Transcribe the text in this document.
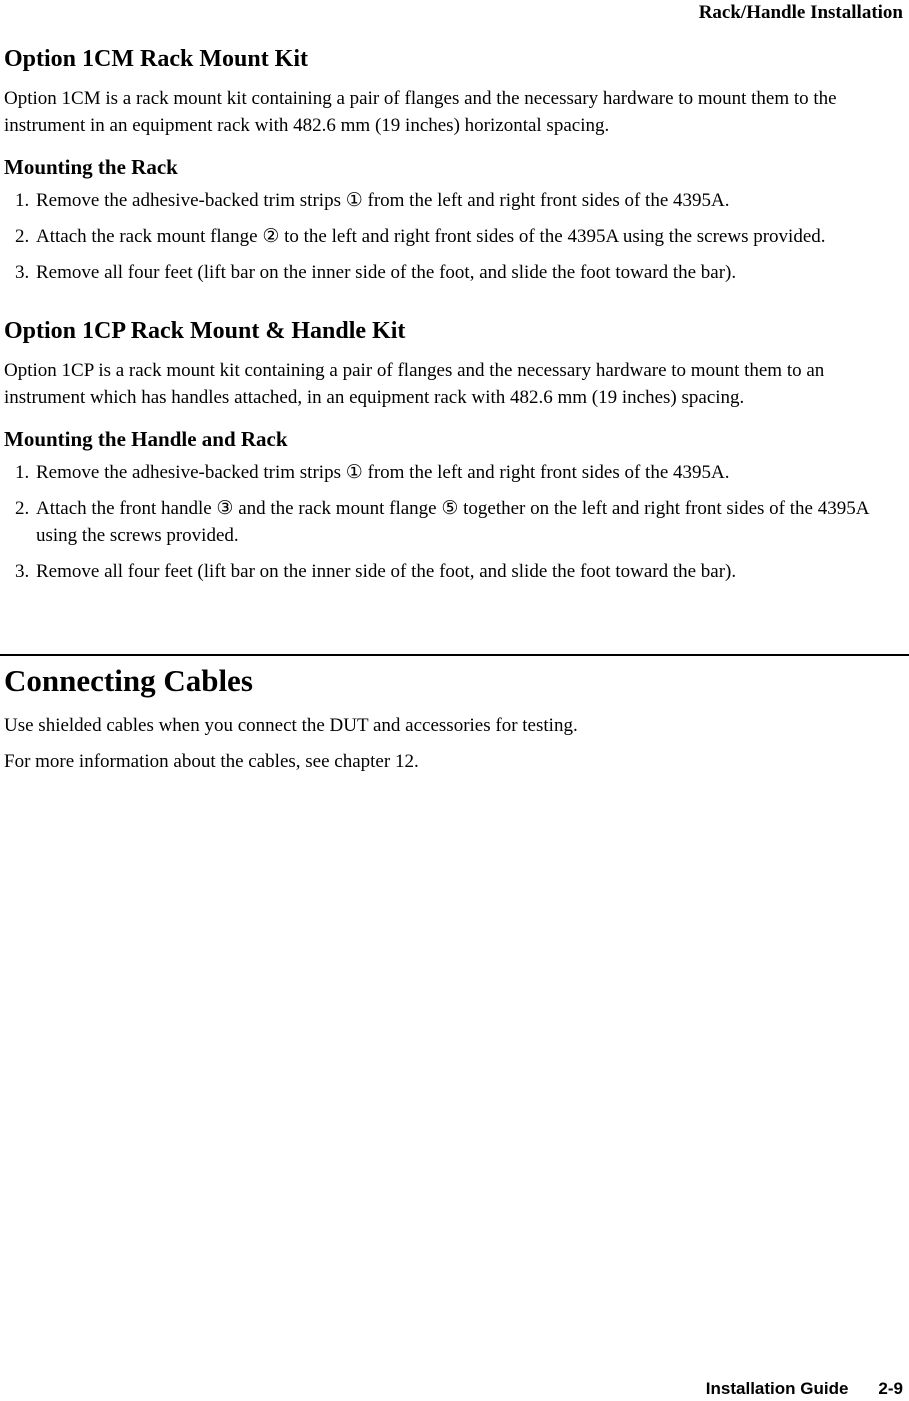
Rack/Handle Installation
Option 1CM Rack Mount Kit

Option 1CM is a rack mount kit containing a pair of flanges and the necessary hardware to mount them to the instrument in an equipment rack with 482.6 mm (19 inches) horizontal spacing.

Mounting the Rack
1. Remove the adhesive-backed trim strips ① from the left and right front sides of the 4395A.
2. Attach the rack mount flange ② to the left and right front sides of the 4395A using the screws provided.
3. Remove all four feet (lift bar on the inner side of the foot, and slide the foot toward the bar).
Option 1CP Rack Mount & Handle Kit

Option 1CP is a rack mount kit containing a pair of flanges and the necessary hardware to mount them to an instrument which has handles attached, in an equipment rack with 482.6 mm (19 inches) spacing.

Mounting the Handle and Rack
1. Remove the adhesive-backed trim strips ① from the left and right front sides of the 4395A.
2. Attach the front handle ③ and the rack mount flange ⑤ together on the left and right front sides of the 4395A using the screws provided.
3. Remove all four feet (lift bar on the inner side of the foot, and slide the foot toward the bar).
Connecting Cables

Use shielded cables when you connect the DUT and accessories for testing.

For more information about the cables, see chapter 12.

Installation Guide 2-9
